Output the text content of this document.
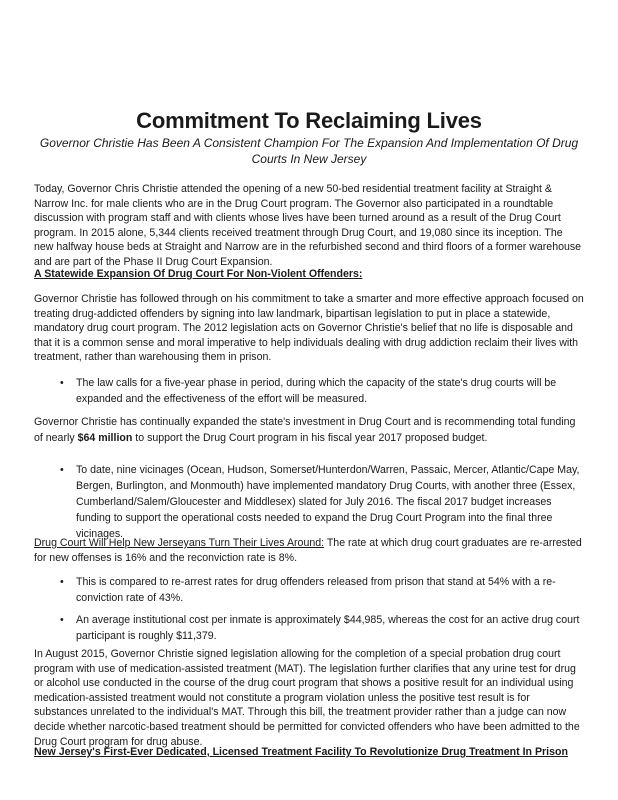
Commitment To Reclaiming Lives

Governor Christie Has Been A Consistent Champion For The Expansion And Implementation Of Drug Courts In New Jersey

Today, Governor Chris Christie attended the opening of a new 50-bed residential treatment facility at Straight & Narrow Inc. for male clients who are in the Drug Court program. The Governor also participated in a roundtable discussion with program staff and with clients whose lives have been turned around as a result of the Drug Court program. In 2015 alone, 5,344 clients received treatment through Drug Court, and 19,080 since its inception. The new halfway house beds at Straight and Narrow are in the refurbished second and third floors of a former warehouse and are part of the Phase II Drug Court Expansion.

A Statewide Expansion Of Drug Court For Non-Violent Offenders:

Governor Christie has followed through on his commitment to take a smarter and more effective approach focused on treating drug-addicted offenders by signing into law landmark, bipartisan legislation to put in place a statewide, mandatory drug court program. The 2012 legislation acts on Governor Christie's belief that no life is disposable and that it is a common sense and moral imperative to help individuals dealing with drug addiction reclaim their lives with treatment, rather than warehousing them in prison.

• The law calls for a five-year phase in period, during which the capacity of the state's drug courts will be expanded and the effectiveness of the effort will be measured.

Governor Christie has continually expanded the state's investment in Drug Court and is recommending total funding of nearly $64 million to support the Drug Court program in his fiscal year 2017 proposed budget.

• To date, nine vicinages (Ocean, Hudson, Somerset/Hunterdon/Warren, Passaic, Mercer, Atlantic/Cape May, Bergen, Burlington, and Monmouth) have implemented mandatory Drug Courts, with another three (Essex, Cumberland/Salem/Gloucester and Middlesex) slated for July 2016. The fiscal 2017 budget increases funding to support the operational costs needed to expand the Drug Court Program into the final three vicinages.

Drug Court Will Help New Jerseyans Turn Their Lives Around: The rate at which drug court graduates are re-arrested for new offenses is 16% and the reconviction rate is 8%.

• This is compared to re-arrest rates for drug offenders released from prison that stand at 54% with a re-conviction rate of 43%.

• An average institutional cost per inmate is approximately $44,985, whereas the cost for an active drug court participant is roughly $11,379.

In August 2015, Governor Christie signed legislation allowing for the completion of a special probation drug court program with use of medication-assisted treatment (MAT). The legislation further clarifies that any urine test for drug or alcohol use conducted in the course of the drug court program that shows a positive result for an individual using medication-assisted treatment would not constitute a program violation unless the positive test result is for substances unrelated to the individual's MAT. Through this bill, the treatment provider rather than a judge can now decide whether narcotic-based treatment should be permitted for convicted offenders who have been admitted to the Drug Court program for drug abuse.

New Jersey's First-Ever Dedicated, Licensed Treatment Facility To Revolutionize Drug Treatment In Prison
